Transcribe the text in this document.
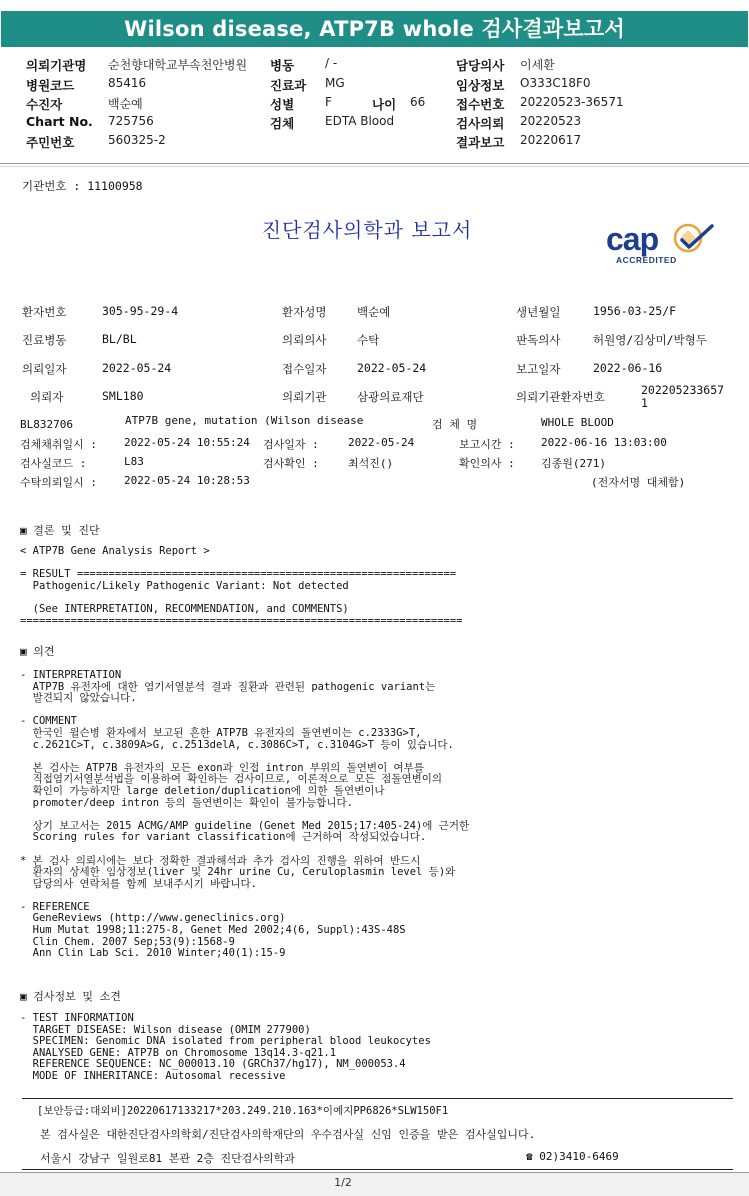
Wilson disease, ATP7B whole 검사결과보고서
의뢰기관명 순천향대학교부속천안병원 병동	/ -	담당의사 이세환
병원코드	85416	진료과 MG	임상정보 O333C18F0
수진자	백순예	성별	F	나이 66 접수번호 20220523-36571
Chart No. 725756	검체	EDTA Blood	검사의뢰 20220523
주민번호	560325-2	결과보고 20220617
기관번호 : 11100958
진단검사의학과 보고서	cap
ACCREDITED
환자번호	305-95-29-4	환자성명	백순예	생년월일	1956-03-25/F
진료병동	BL/BL	의뢰의사	수탁	판독의사	허원영/김상미/박형두
의뢰일자	2022-05-24	접수일자	2022-05-24	보고일자	2022-06-16
의뢰자	SML180	의뢰기관	삼광의료재단	의뢰기관환자번호	202205233657
1
BL832706	ATP7B gene, mutation (Wilson disease	검 체 명	WHOLE BLOOD
검체채취일시 : 2022-05-24 10:55:24 검사일자 :	2022-05-24	보고시간 : 2022-06-16 13:03:00
검사실코드 :	L83	검사확인 :	최석진()	확인의사 : 김종원(271)
수탁의뢰일시 : 2022-05-24 10:28:53	(전자서명 대체함)
▣ 결론 및 진단
< ATP7B Gene Analysis Report >

= RESULT ============================================================
Pathogenic/Likely Pathogenic Variant: Not detected

(See INTERPRETATION, RECOMMENDATION, and COMMENTS)
======================================================================
▣ 의견
- INTERPRETATION
ATP7B 유전자에 대한 염기서열분석 결과 질환과 관련된 pathogenic variant는
발견되지 않았습니다.

- COMMENT
한국인 윌슨병 환자에서 보고된 흔한 ATP7B 유전자의 돌연변이는 c.2333G>T,
c.2621C>T, c.3809A>G, c.2513delA, c.3086C>T, c.3104G>T 등이 있습니다.

본 검사는 ATP7B 유전자의 모든 exon과 인접 intron 부위의 돌연변이 여부를
직접염기서열분석법을 이용하여 확인하는 검사이므로, 이론적으로 모든 점돌연변이의
확인이 가능하지만 large deletion/duplication에 의한 돌연변이나
promoter/deep intron 등의 돌연변이는 확인이 불가능합니다.

상기 보고서는 2015 ACMG/AMP guideline (Genet Med 2015;17:405-24)에 근거한
Scoring rules for variant classification에 근거하여 작성되었습니다.

* 본 검사 의뢰시에는 보다 정확한 결과해석과 추가 검사의 진행을 위하여 반드시
환자의 상세한 임상정보(liver 및 24hr urine Cu, Ceruloplasmin level 등)와
담당의사 연락처를 함께 보내주시기 바랍니다.

- REFERENCE
GeneReviews (http://www.geneclinics.org)
Hum Mutat 1998;11:275-8, Genet Med 2002;4(6, Suppl):43S-48S
Clin Chem. 2007 Sep;53(9):1568-9
Ann Clin Lab Sci. 2010 Winter;40(1):15-9
▣ 검사정보 및 소견
- TEST INFORMATION
TARGET DISEASE: Wilson disease (OMIM 277900)
SPECIMEN: Genomic DNA isolated from peripheral blood leukocytes
ANALYSED GENE: ATP7B on Chromosome 13q14.3-q21.1
REFERENCE SEQUENCE: NC_000013.10 (GRCh37/hg17), NM_000053.4
MODE OF INHERITANCE: Autosomal recessive
[보안등급:대외비]20220617133217*203.249.210.163*이예지PP6826*SLW150F1
본 검사실은 대한진단검사의학회/진단검사의학재단의 우수검사실 신임 인증을 받은 검사실입니다.
서울시 강남구 일원로81 본관 2층 진단검사의학과	☎ 02)3410-6469
1/2
